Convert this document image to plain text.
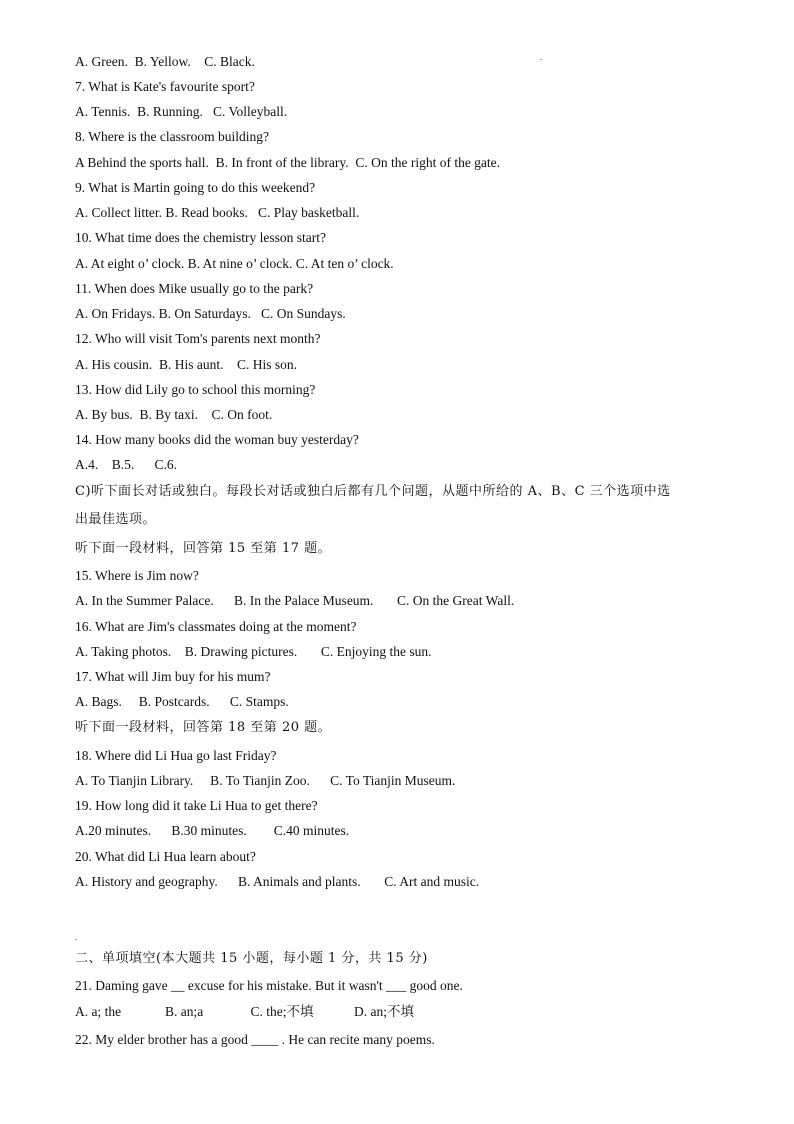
A. Green.  B. Yellow.    C. Black.
7. What is Kate's favourite sport?
A. Tennis.  B. Running.   C. Volleyball.
8. Where is the classroom building?
A Behind the sports hall.  B. In front of the library.  C. On the right of the gate.
9. What is Martin going to do this weekend?
A. Collect litter. B. Read books.   C. Play basketball.
10. What time does the chemistry lesson start?
A. At eight o’ clock. B. At nine o’ clock. C. At ten o’ clock.
11. When does Mike usually go to the park?
A. On Fridays. B. On Saturdays.   C. On Sundays.
12. Who will visit Tom's parents next month?
A. His cousin.  B. His aunt.    C. His son.
13. How did Lily go to school this morning?
A. By bus.  B. By taxi.    C. On foot.
14. How many books did the woman buy yesterday?
A.4.    B.5.      C.6.
C)听下面长对话或独白。每段长对话或独白后都有几个问题，从题中所给的 A、B、C 三个选项中选
出最佳选项。
听下面一段材料，回答第 15 至第 17 题。
15. Where is Jim now?
A. In the Summer Palace.      B. In the Palace Museum.       C. On the Great Wall.
16. What are Jim's classmates doing at the moment?
A. Taking photos.    B. Drawing pictures.       C. Enjoying the sun.
17. What will Jim buy for his mum?
A. Bags.     B. Postcards.      C. Stamps.
听下面一段材料，回答第 18 至第 20 题。
18. Where did Li Hua go last Friday?
A. To Tianjin Library.     B. To Tianjin Zoo.      C. To Tianjin Museum.
19. How long did it take Li Hua to get there?
A.20 minutes.      B.30 minutes.        C.40 minutes.
20. What did Li Hua learn about?
A. History and geography.      B. Animals and plants.       C. Art and music.
二、单项填空(本大题共 15 小题，每小题 1 分，共 15 分)
21. Daming gave __ excuse for his mistake. But it wasn't ___ good one.
A. a; the             B. an;a              C. the;不填            D. an;不填
22. My elder brother has a good ____ . He can recite many poems.
